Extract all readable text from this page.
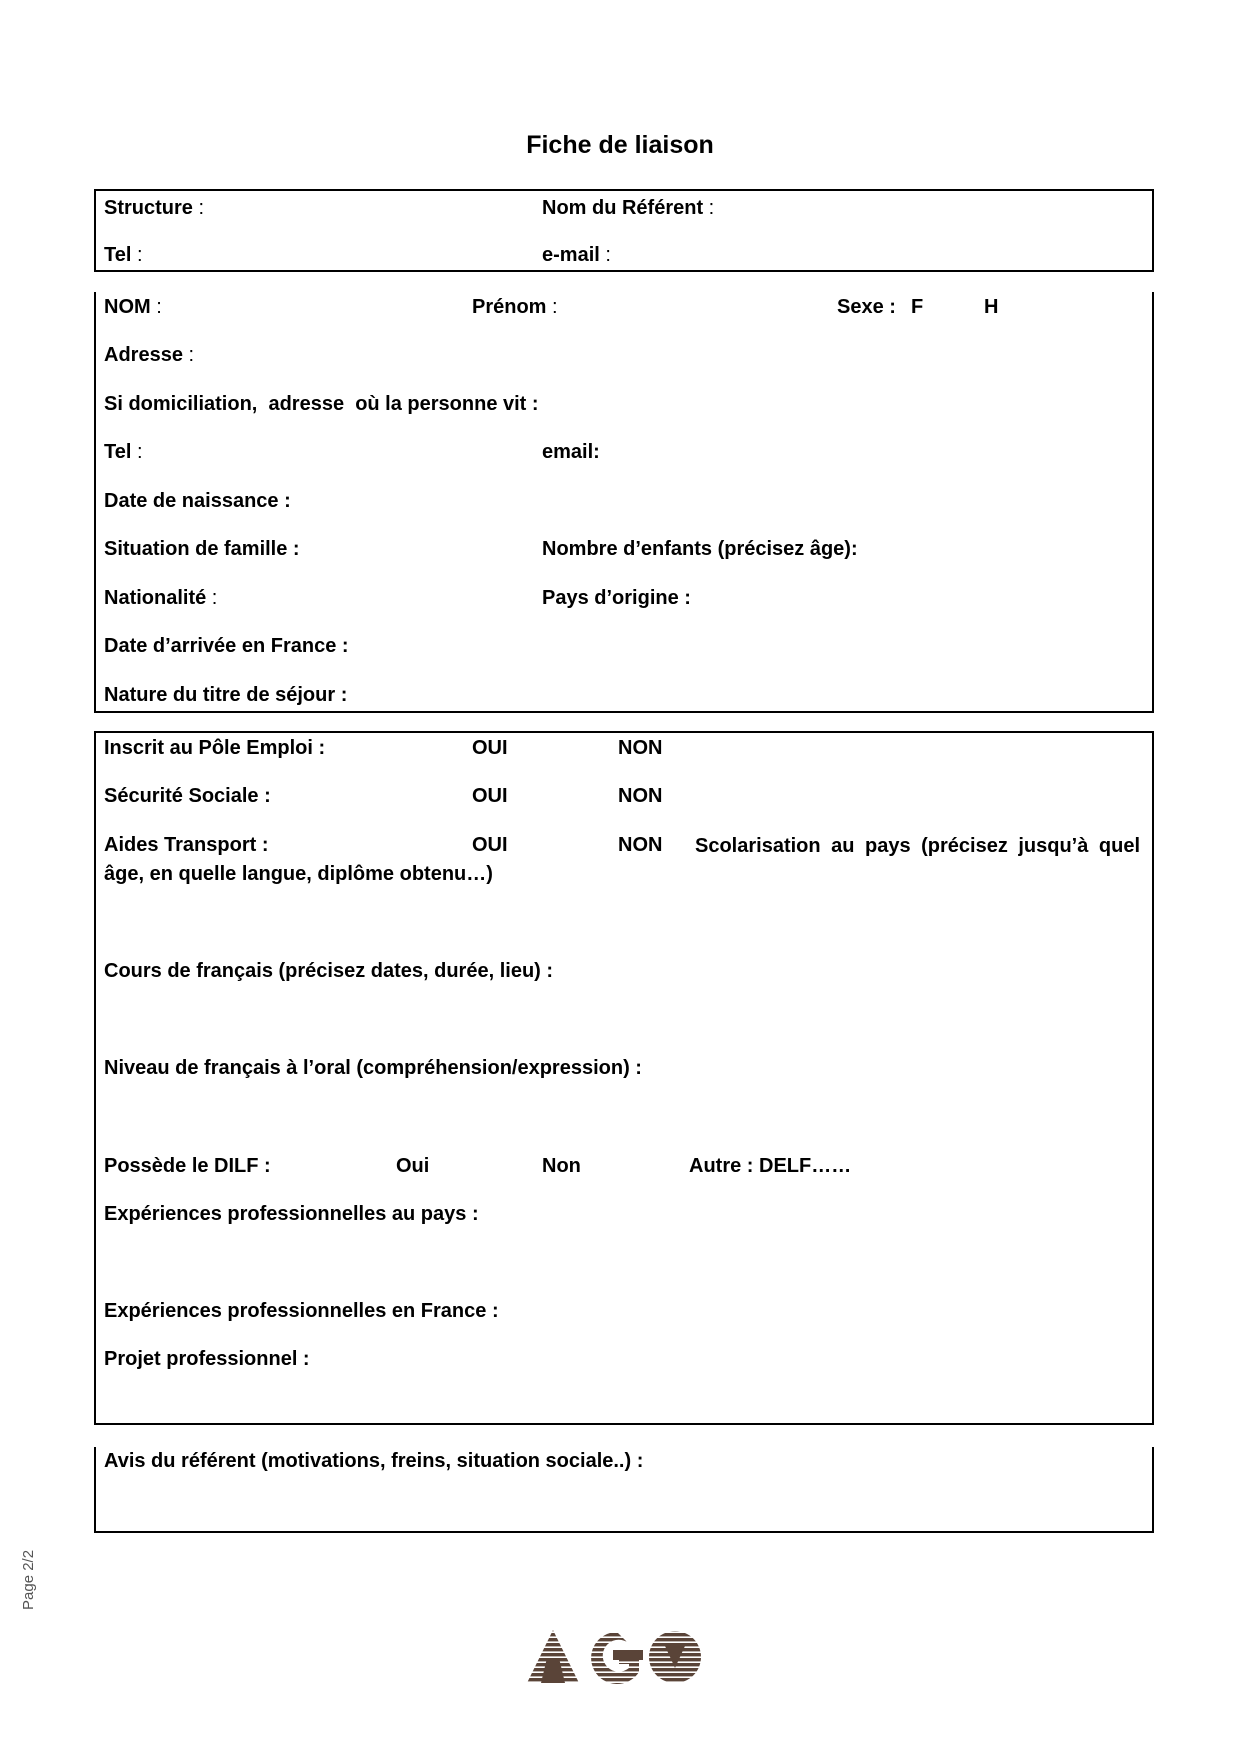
Fiche de liaison
Structure :	Nom du Référent :
Tel :	e-mail :
NOM :	Prénom :	Sexe : F	H
Adresse :
Si domiciliation,  adresse  où la personne vit :
Tel :	email:
Date de naissance :
Situation de famille :	Nombre d’enfants (précisez âge):
Nationalité :	Pays d’origine :
Date d’arrivée en France :
Nature du titre de séjour :
Inscrit au Pôle Emploi :	OUI	NON
Sécurité Sociale :	OUI	NON
Aides Transport :	OUI	NON	Scolarisation au pays (précisez jusqu’à quel âge, en quelle langue, diplôme obtenu…)
Cours de français (précisez dates, durée, lieu) :
Niveau de français à l’oral (compréhension/expression) :
Possède le DILF :	Oui	Non	Autre : DELF……
Expériences professionnelles au pays :
Expériences professionnelles en France :
Projet professionnel :
Avis du référent (motivations, freins, situation sociale..) :
Page 2/2
